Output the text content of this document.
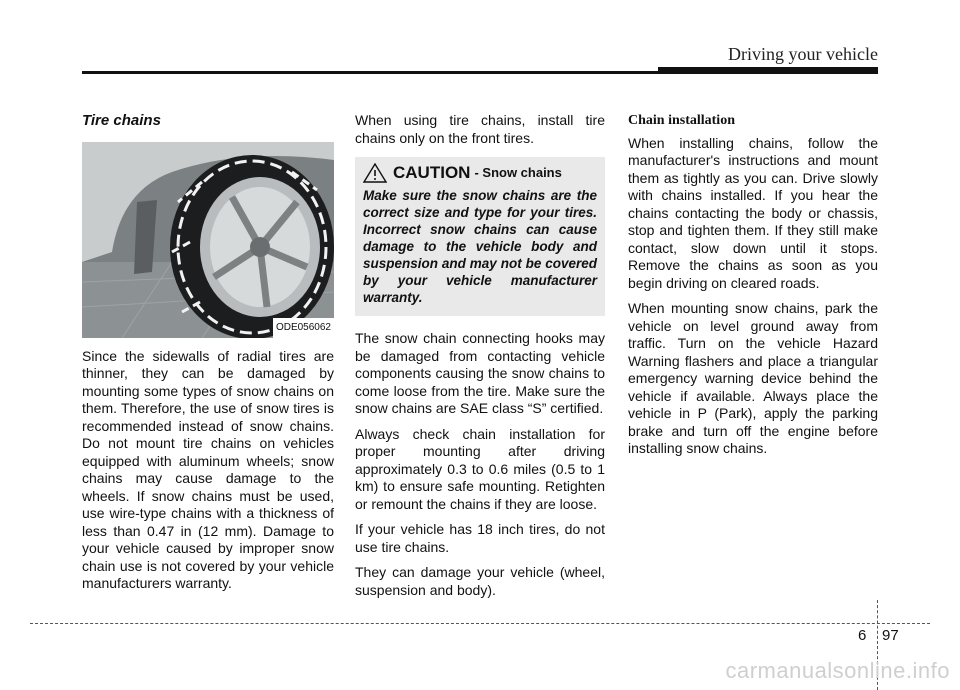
Driving your vehicle
Tire chains
ODE056062

Since the sidewalls of radial tires are thinner, they can be damaged by mounting some types of snow chains on them. Therefore, the use of snow tires is recommended instead of snow chains. Do not mount tire chains on vehicles equipped with aluminum wheels; snow chains may cause damage to the wheels. If snow chains must be used, use wire-type chains with a thickness of less than 0.47 in (12 mm). Damage to your vehicle caused by improper snow chain use is not covered by your vehicle manufacturers warranty.

When using tire chains, install tire chains only on the front tires.

CAUTION - Snow chains
Make sure the snow chains are the correct size and type for your tires. Incorrect snow chains can cause damage to the vehicle body and suspension and may not be covered by your vehicle manufacturer warranty.

The snow chain connecting hooks may be damaged from contacting vehicle components causing the snow chains to come loose from the tire. Make sure the snow chains are SAE class “S” certified.

Always check chain installation for proper mounting after driving approximately 0.3 to 0.6 miles (0.5 to 1 km) to ensure safe mounting. Retighten or remount the chains if they are loose.

If your vehicle has 18 inch tires, do not use tire chains.

They can damage your vehicle (wheel, suspension and body).

Chain installation

When installing chains, follow the manufacturer's instructions and mount them as tightly as you can. Drive slowly with chains installed. If you hear the chains contacting the body or chassis, stop and tighten them. If they still make contact, slow down until it stops. Remove the chains as soon as you begin driving on cleared roads.

When mounting snow chains, park the vehicle on level ground away from traffic. Turn on the vehicle Hazard Warning flashers and place a triangular emergency warning device behind the vehicle if available. Always place the vehicle in P (Park), apply the parking brake and turn off the engine before installing snow chains.

6 97
carmanualsonline.info
